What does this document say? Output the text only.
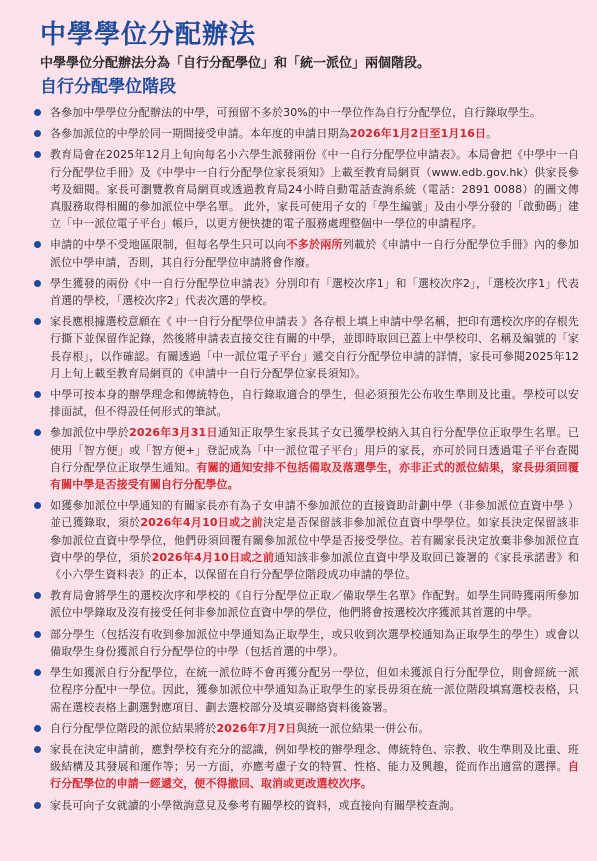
中學學位分配辦法
中學學位分配辦法分為「自行分配學位」和「統一派位」兩個階段。
自行分配學位階段
各參加中學學位分配辦法的中學，可預留不多於30%的中一學位作為自行分配學位，自行錄取學生。
各參加派位的中學於同一期間接受申請。本年度的申請日期為2026年1月2日至1月16日。
教育局會在2025年12月上旬向每名小六學生派發兩份《中一自行分配學位申請表》。本局會把《中學中一自行分配學位手冊》及《中學中一自行分配學位家長須知》上載至教育局網頁（www.edb.gov.hk）供家長參考及細閱。家長可瀏覽教育局網頁或透過教育局24小時自動電話查詢系統（電話：2891 0088）的圖文傳真服務取得相關的參加派位中學名單。 此外，家長可使用子女的「學生編號」及由小學分發的「啟動碼」建立「中一派位電子平台」帳戶，以更方便快捷的電子服務處理整個中一學位的申請程序。
申請的中學不受地區限制，但每名學生只可以向不多於兩所列載於《申請中一自行分配學位手冊》內的參加派位中學申請，否則，其自行分配學位申請將會作廢。
學生獲發的兩份《中一自行分配學位申請表》分別印有「選校次序1」和「選校次序2」，「選校次序1」代表首選的學校，「選校次序2」代表次選的學校。
家長應根據選校意願在《 中一自行分配學位申請表 》各存根上填上申請中學名稱，把印有選校次序的存根先行撕下並保留作記錄，然後將申請表直接交往有關的中學，並即時取回已蓋上中學校印、名稱及編號的「家長存根」，以作確認。有關透過「中一派位電子平台」遞交自行分配學位申請的詳情，家長可參閱2025年12月上旬上載至教育局網頁的《申請中一自行分配學位家長須知》。
中學可按本身的辦學理念和傳統特色，自行錄取適合的學生，但必須預先公布收生準則及比重。學校可以安排面試，但不得設任何形式的筆試。
參加派位中學於2026年3月31日通知正取學生家長其子女已獲學校納入其自行分配學位正取學生名單。已使用「智方便」或「智方便+」登記成為「中一派位電子平台」用戶的家長，亦可於同日透過電子平台查閱自行分配學位正取學生通知。有關的通知安排不包括備取及落選學生，亦非正式的派位結果，家長毋須回覆有關中學是否接受有關自行分配學位。
如獲參加派位中學通知的有關家長亦有為子女申請不參加派位的直接資助計劃中學（非參加派位直資中學 ）並已獲錄取，須於2026年4月10日或之前決定是否保留該非參加派位直資中學學位。如家長決定保留該非參加派位直資中學學位，他們毋須回覆有關參加派位中學是否接受學位。若有關家長決定放棄非參加派位直資中學的學位，須於2026年4月10日或之前通知該非參加派位直資中學及取回已簽署的《家長承諾書》和《小六學生資料表》的正本，以保留在自行分配學位階段成功申請的學位。
教育局會將學生的選校次序和學校的《自行分配學位正取／備取學生名單》作配對。如學生同時獲兩所參加派位中學錄取及沒有接受任何非參加派位直資中學的學位，他們將會按選校次序獲派其首選的中學。
部分學生（包括沒有收到參加派位中學通知為正取學生，或只收到次選學校通知為正取學生的學生）或會以備取學生身份獲派自行分配學位的中學（包括首選的中學）。
學生如獲派自行分配學位，在統一派位時不會再獲分配另一學位，但如未獲派自行分配學位，則會經統一派位程序分配中一學位。因此，獲參加派位中學通知為正取學生的家長毋須在統一派位階段填寫選校表格，只需在選校表格上劃選對應項目、劃去選校部分及填妥聯絡資料後簽署。
自行分配學位階段的派位結果將於2026年7月7日與統一派位結果一併公布。
家長在決定申請前，應對學校有充分的認識，例如學校的辦學理念、傳統特色、宗教、收生準則及比重、班級結構及其發展和運作等；另一方面，亦應考慮子女的特質、性格、能力及興趣，從而作出適當的選擇。自行分配學位的申請一經遞交，便不得撤回、取消或更改選校次序。
家長可向子女就讀的小學徵詢意見及參考有關學校的資料，或直接向有關學校查詢。
